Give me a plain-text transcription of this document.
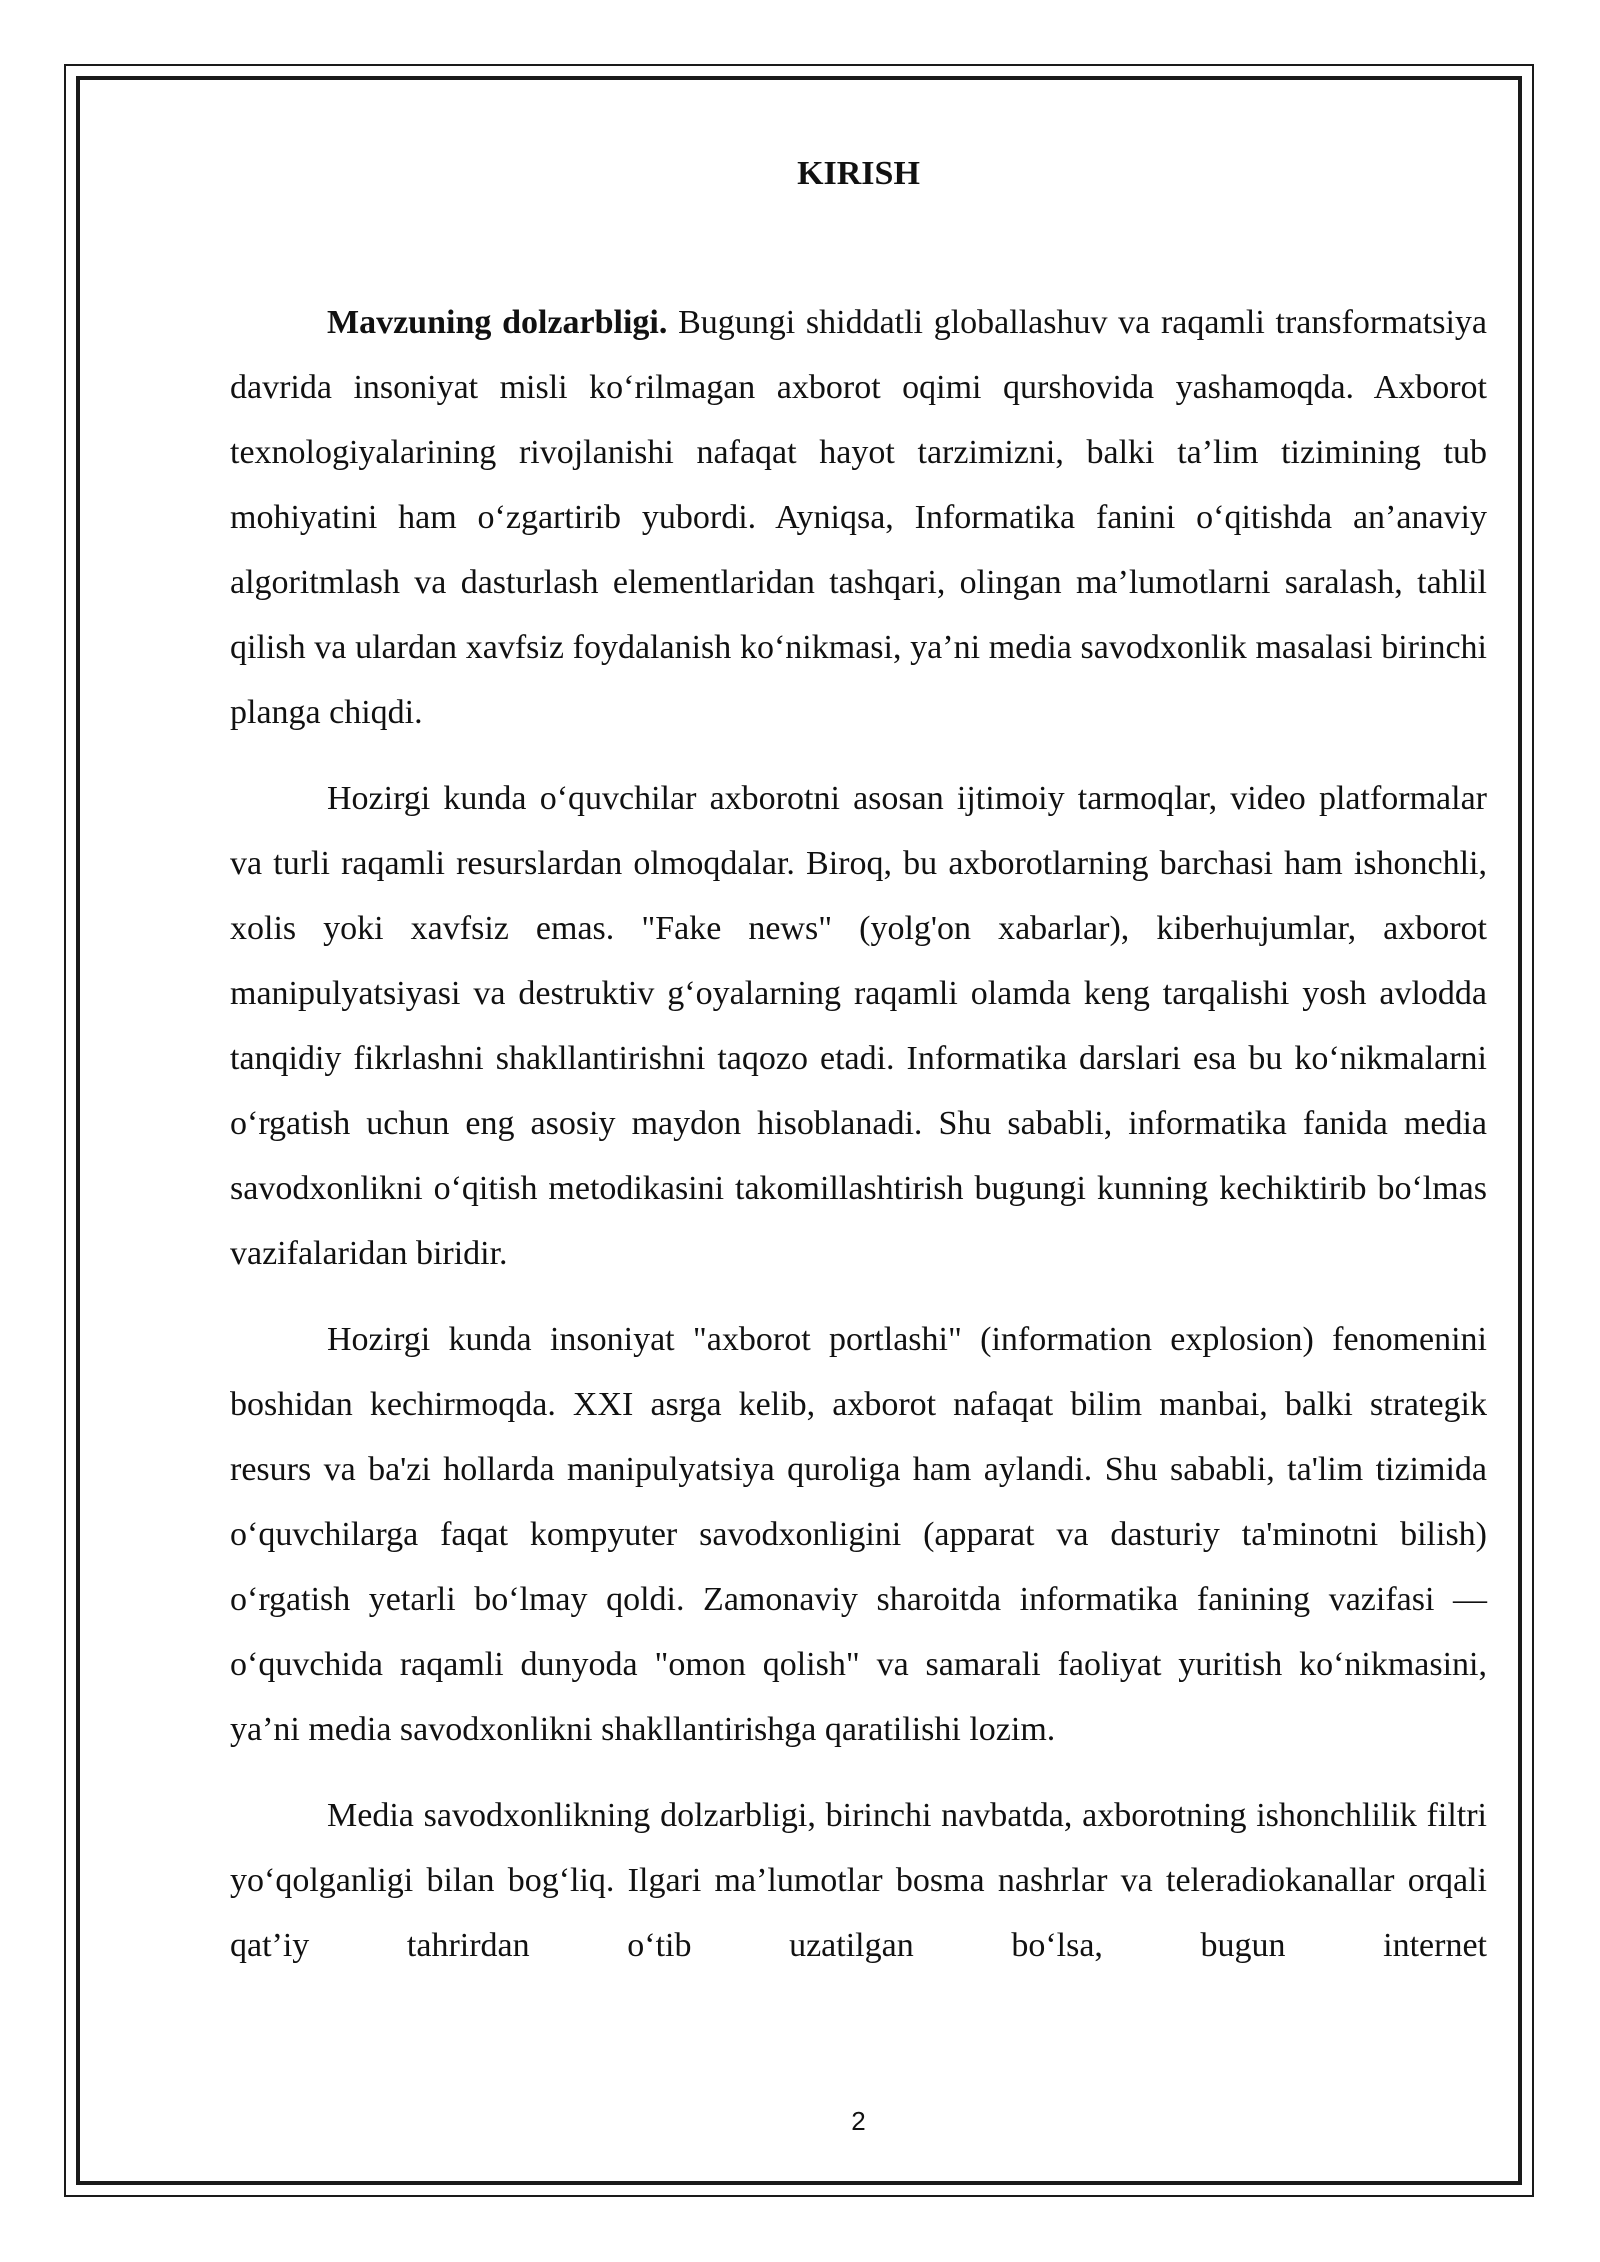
KIRISH

Mavzuning dolzarbligi. Bugungi shiddatli globallashuv va raqamli transformatsiya davrida insoniyat misli ko‘rilmagan axborot oqimi qurshovida yashamoqda. Axborot texnologiyalarining rivojlanishi nafaqat hayot tarzimizni, balki ta’lim tizimining tub mohiyatini ham o‘zgartirib yubordi. Ayniqsa, Informatika fanini o‘qitishda an’anaviy algoritmlash va dasturlash elementlaridan tashqari, olingan ma’lumotlarni saralash, tahlil qilish va ulardan xavfsiz foydalanish ko‘nikmasi, ya’ni media savodxonlik masalasi birinchi planga chiqdi.

Hozirgi kunda o‘quvchilar axborotni asosan ijtimoiy tarmoqlar, video platformalar va turli raqamli resurslardan olmoqdalar. Biroq, bu axborotlarning barchasi ham ishonchli, xolis yoki xavfsiz emas. "Fake news" (yolg'on xabarlar), kiberhujumlar, axborot manipulyatsiyasi va destruktiv g‘oyalarning raqamli olamda keng tarqalishi yosh avlodda tanqidiy fikrlashni shakllantirishni taqozo etadi. Informatika darslari esa bu ko‘nikmalarni o‘rgatish uchun eng asosiy maydon hisoblanadi. Shu sababli, informatika fanida media savodxonlikni o‘qitish metodikasini takomillashtirish bugungi kunning kechiktirib bo‘lmas vazifalaridan biridir.

Hozirgi kunda insoniyat "axborot portlashi" (information explosion) fenomenini boshidan kechirmoqda. XXI asrga kelib, axborot nafaqat bilim manbai, balki strategik resurs va ba'zi hollarda manipulyatsiya quroliga ham aylandi. Shu sababli, ta'lim tizimida o‘quvchilarga faqat kompyuter savodxonligini (apparat va dasturiy ta'minotni bilish) o‘rgatish yetarli bo‘lmay qoldi. Zamonaviy sharoitda informatika fanining vazifasi — o‘quvchida raqamli dunyoda "omon qolish" va samarali faoliyat yuritish ko‘nikmasini, ya’ni media savodxonlikni shakllantirishga qaratilishi lozim.

Media savodxonlikning dolzarbligi, birinchi navbatda, axborotning ishonchlilik filtri yo‘qolganligi bilan bog‘liq. Ilgari ma’lumotlar bosma nashrlar va teleradiokanallar orqali qat’iy tahrirdan o‘tib uzatilgan bo‘lsa, bugun internet

2
